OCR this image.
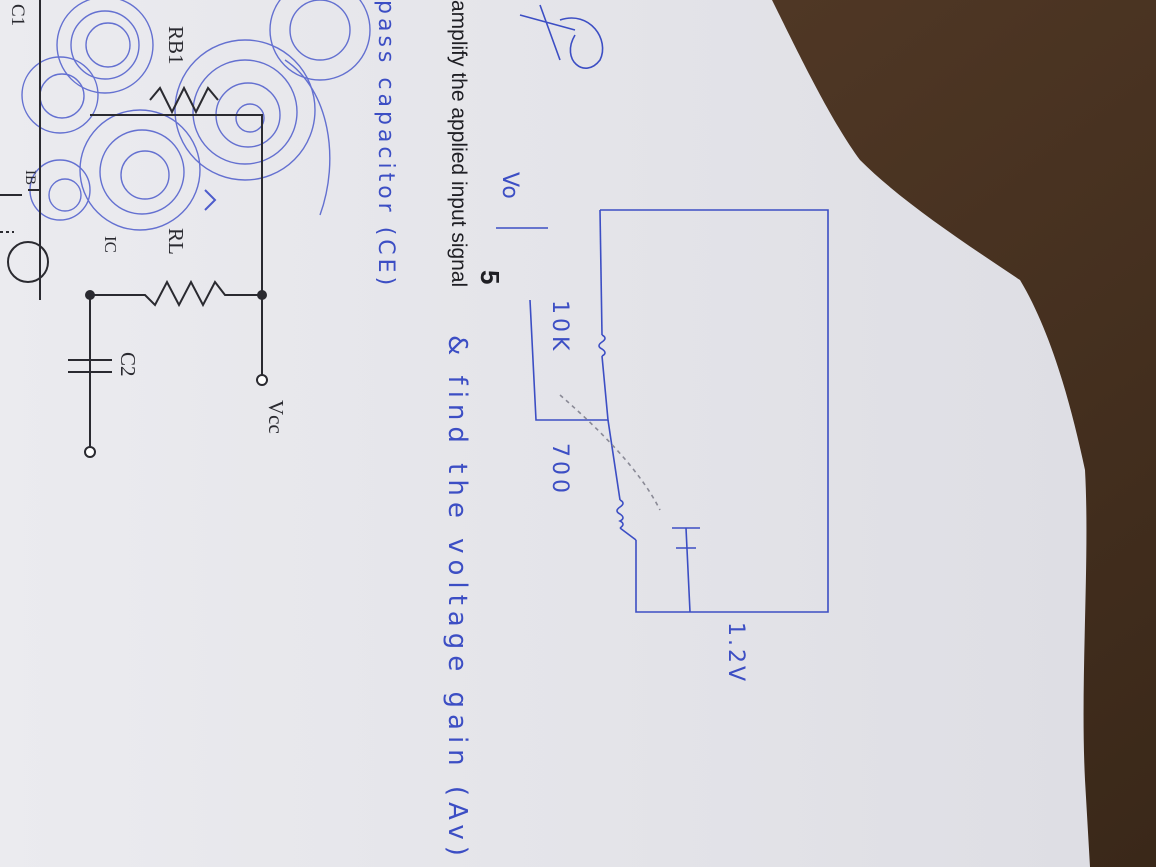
amplify the applied input signal 5
& find the voltage gain (Av)
pass capacitor (CE)
10K
700
1.2V
Vo
Vcc
RL
RB1
C2
C1
IC
IB
